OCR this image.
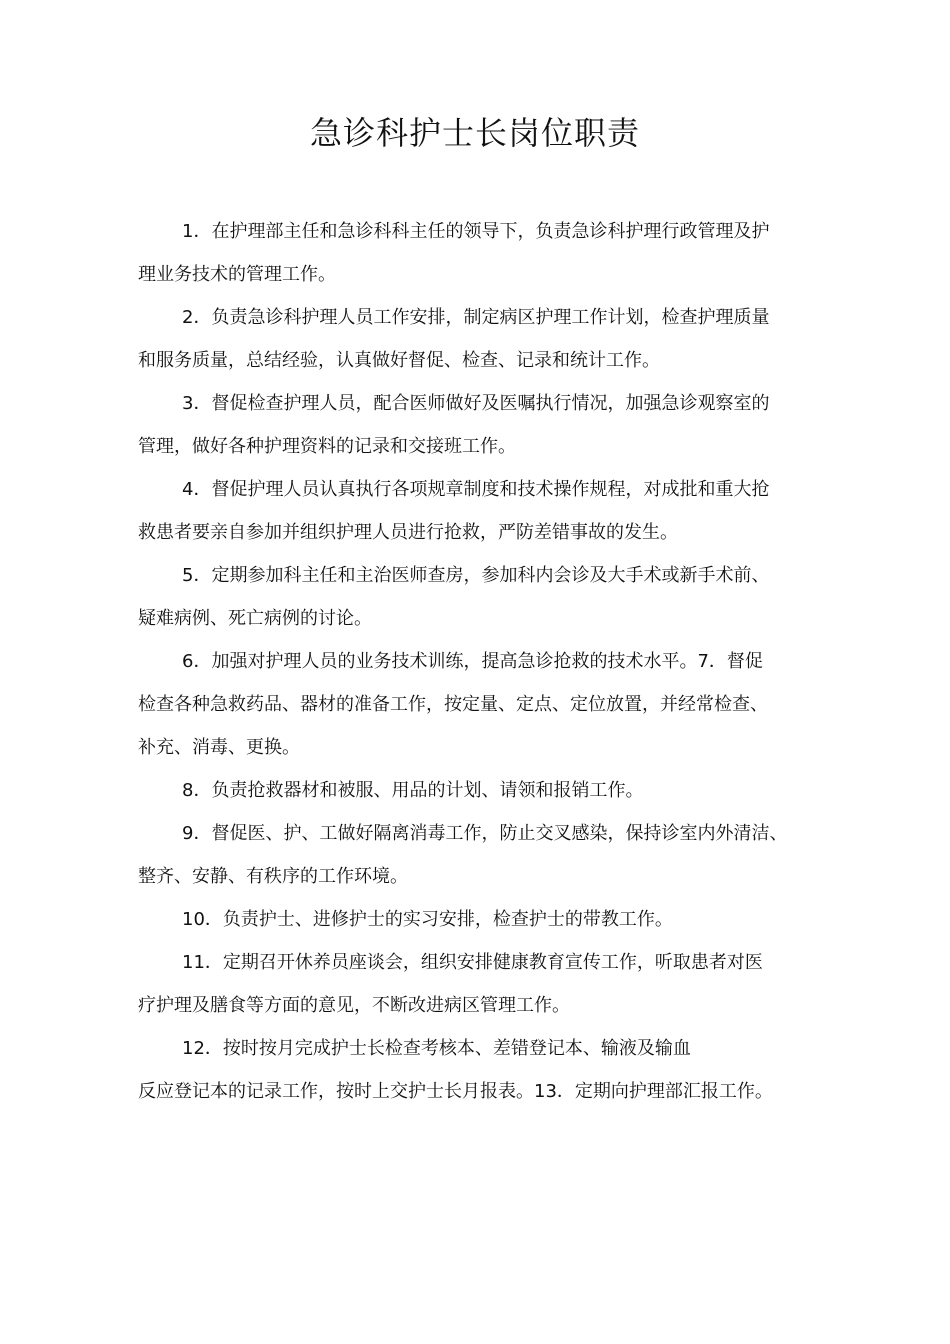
急诊科护士长岗位职责
1．在护理部主任和急诊科科主任的领导下，负责急诊科护理行政管理及护
理业务技术的管理工作。
2．负责急诊科护理人员工作安排，制定病区护理工作计划，检查护理质量
和服务质量，总结经验，认真做好督促、检查、记录和统计工作。
3．督促检查护理人员，配合医师做好及医嘱执行情况，加强急诊观察室的
管理，做好各种护理资料的记录和交接班工作。
4．督促护理人员认真执行各项规章制度和技术操作规程，对成批和重大抢
救患者要亲自参加并组织护理人员进行抢救，严防差错事故的发生。
5．定期参加科主任和主治医师查房，参加科内会诊及大手术或新手术前、
疑难病例、死亡病例的讨论。
6．加强对护理人员的业务技术训练，提高急诊抢救的技术水平。7．督促
检查各种急救药品、器材的准备工作，按定量、定点、定位放置，并经常检查、
补充、消毒、更换。
8．负责抢救器材和被服、用品的计划、请领和报销工作。
9．督促医、护、工做好隔离消毒工作，防止交叉感染，保持诊室内外清洁、
整齐、安静、有秩序的工作环境。
10．负责护士、进修护士的实习安排，检查护士的带教工作。
11．定期召开休养员座谈会，组织安排健康教育宣传工作，听取患者对医
疗护理及膳食等方面的意见，不断改进病区管理工作。
12．按时按月完成护士长检查考核本、差错登记本、输液及输血
反应登记本的记录工作，按时上交护士长月报表。13．定期向护理部汇报工作。
